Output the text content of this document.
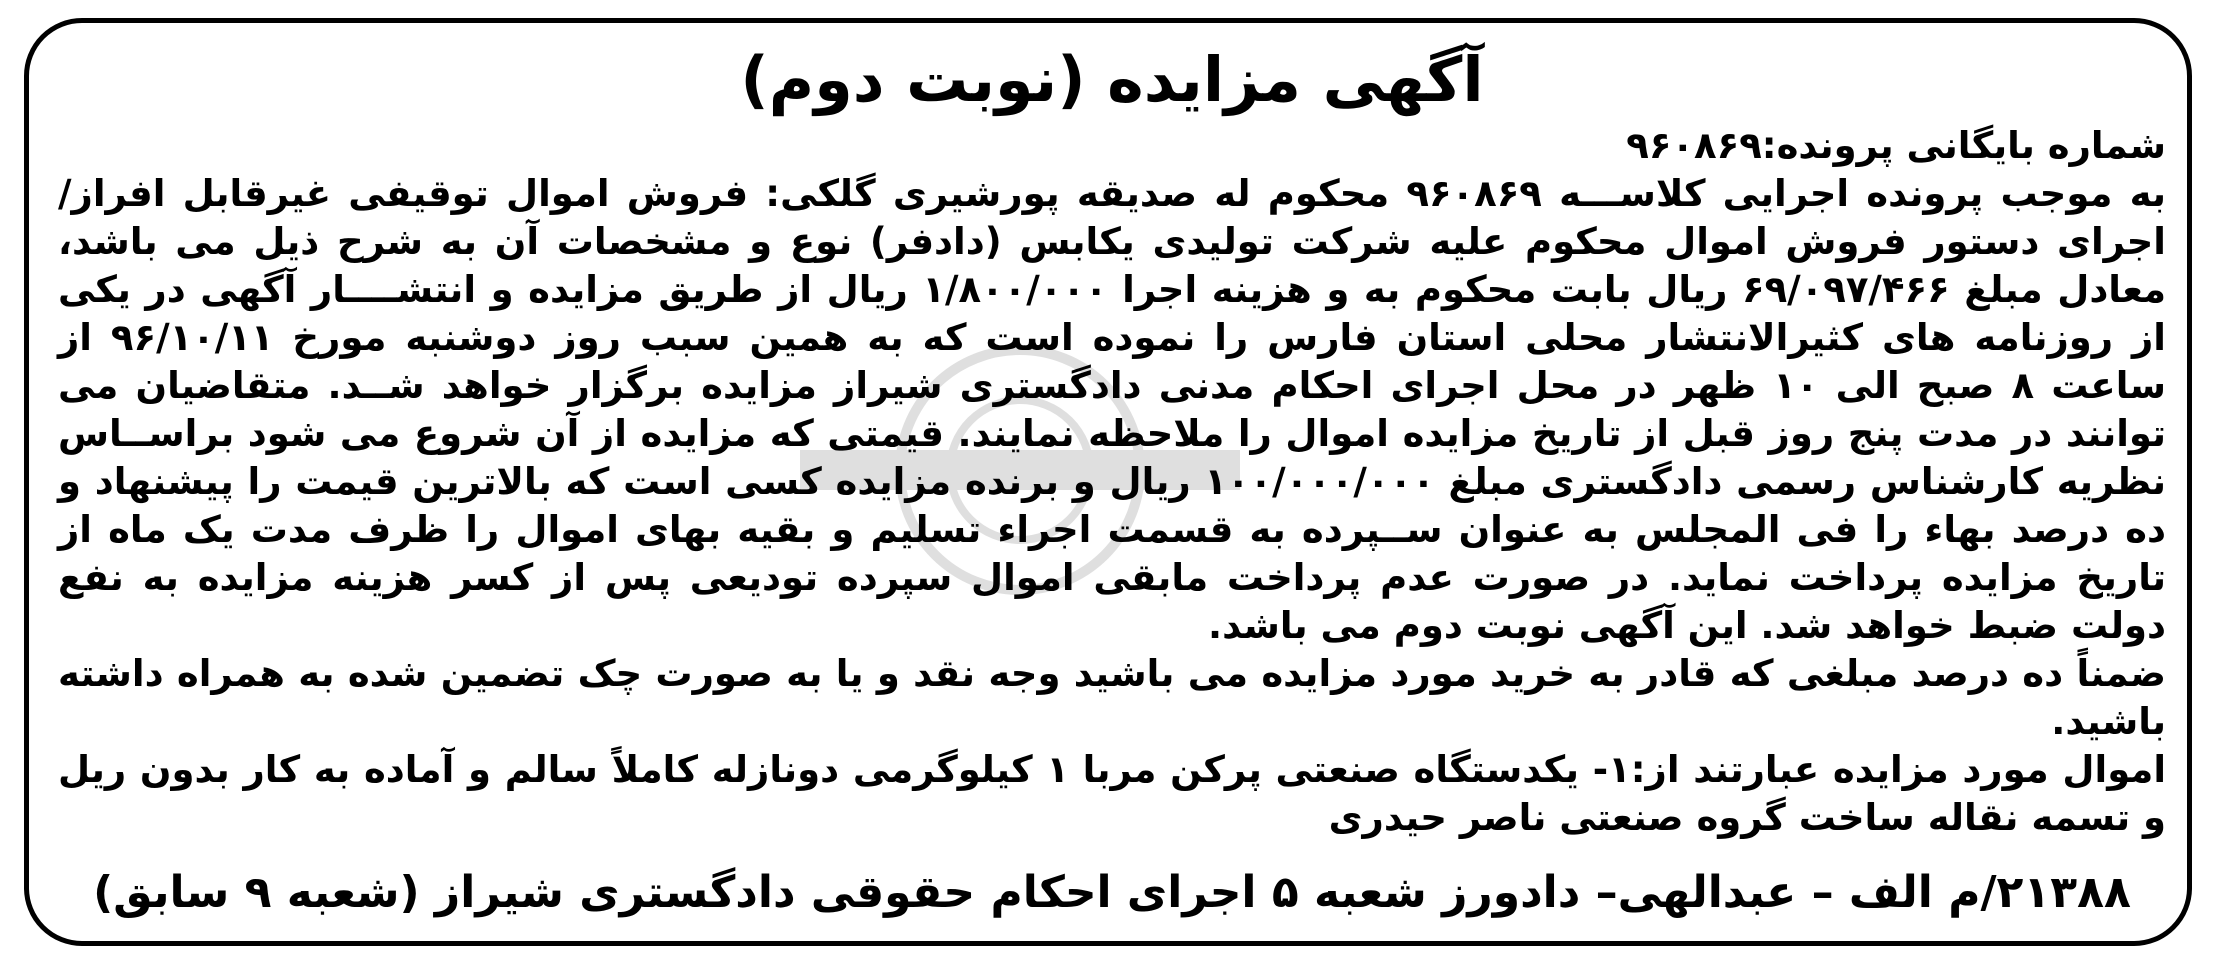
آگهی مزایده (نوبت دوم)

شماره بایگانی پرونده:۹۶۰۸۶۹

به موجب پرونده اجرایی کلاســـه ۹۶۰۸۶۹ محکوم له صدیقه پورشیری گلکی: فروش اموال توقیفی غیرقابل افراز/ اجرای دستور فروش اموال محکوم علیه شرکت تولیدی یکابس (دادفر) نوع و مشخصات آن به شرح ذیل می باشد، معادل مبلغ ۶۹/۰۹۷/۴۶۶ ریال بابت محکوم به و هزینه اجرا ۱/۸۰۰/۰۰۰ ریال از طریق مزایده و انتشــــار آگهی در یکی از روزنامه های کثیرالانتشار محلی استان فارس را نموده است که به همین سبب روز دوشنبه مورخ ۹۶/۱۰/۱۱ از ساعت ۸ صبح الی ۱۰ ظهر در محل اجرای احکام مدنی دادگستری شیراز مزایده برگزار خواهد شــد. متقاضیان می توانند در مدت پنج روز قبل از تاریخ مزایده اموال را ملاحظه نمایند. قیمتی که مزایده از آن شروع می شود براســاس نظریه کارشناس رسمی دادگستری مبلغ ۱۰۰/۰۰۰/۰۰۰ ریال و برنده مزایده کسی است که بالاترین قیمت را پیشنهاد و ده درصد بهاء را فی المجلس به عنوان ســپرده به قسمت اجراء تسلیم و بقیه بهای اموال را ظرف مدت یک ماه از تاریخ مزایده پرداخت نماید. در صورت عدم پرداخت مابقی اموال سپرده تودیعی پس از کسر هزینه مزایده به نفع دولت ضبط خواهد شد. این آگهی نوبت دوم می باشد.

ضمناً ده درصد مبلغی که قادر به خرید مورد مزایده می باشید وجه نقد و یا به صورت چک تضمین شده به همراه داشته باشید.

اموال مورد مزایده عبارتند از:۱- یکدستگاه صنعتی پرکن مربا ۱ کیلوگرمی دونازله کاملاً سالم و آماده به کار بدون ریل و تسمه نقاله ساخت گروه صنعتی ناصر حیدری

۲۱۳۸۸/م الف – عبدالهی– دادورز شعبه ۵ اجرای احکام حقوقی دادگستری شیراز (شعبه ۹ سابق)
